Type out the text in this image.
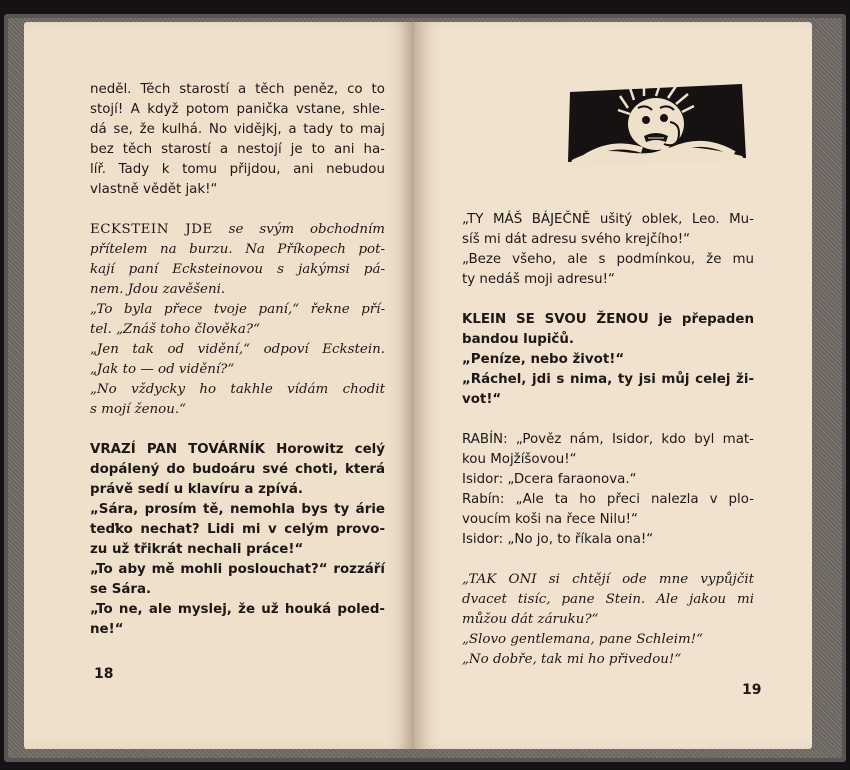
neděl. Těch starostí a těch peněz, co to
stojí! A když potom panička vstane, shle-
dá se, že kulhá. No vidějkj, a tady to maj
bez těch starostí a nestojí je to ani ha-
líř. Tady k tomu přijdou, ani nebudou
vlastně vědět jak!“
ECKSTEIN JDE se svým obchodním
přítelem na burzu. Na Příkopech pot-
kají paní Ecksteinovou s jakýmsi pá-
nem. Jdou zavěšeni.
„To byla přece tvoje paní,“ řekne pří-
tel. „Znáš toho člověka?“
„Jen tak od vidění,“ odpoví Eckstein.
„Jak to — od vidění?“
„No vždycky ho takhle vídám chodit
s mojí ženou.“
VRAZÍ PAN TOVÁRNÍK Horowitz celý
dopálený do budoáru své choti, která
právě sedí u klavíru a zpívá.
„Sára, prosím tě, nemohla bys ty árie
teďko nechat? Lidi mi v celým provo-
zu už třikrát nechali práce!“
„To aby mě mohli poslouchat?“ rozzáří
se Sára.
„To ne, ale myslej, že už houká poled-
ne!“
18
„TY MÁŠ BÁJEČNĚ ušitý oblek, Leo. Mu-
síš mi dát adresu svého krejčího!“
„Beze všeho, ale s podmínkou, že mu
ty nedáš moji adresu!“
KLEIN SE SVOU ŽENOU je přepaden
bandou lupičů.
„Peníze, nebo život!“
„Ráchel, jdi s nima, ty jsi můj celej ži-
vot!“
RABÍN: „Pověz nám, Isidor, kdo byl mat-
kou Mojžíšovou!“
Isidor: „Dcera faraonova.“
Rabín: „Ale ta ho přeci nalezla v plo-
voucím koši na řece Nilu!“
Isidor: „No jo, to říkala ona!“
„TAK ONI si chtějí ode mne vypůjčit
dvacet tisíc, pane Stein. Ale jakou mi
můžou dát záruku?“
„Slovo gentlemana, pane Schleim!“
„No dobře, tak mi ho přivedou!“
19
